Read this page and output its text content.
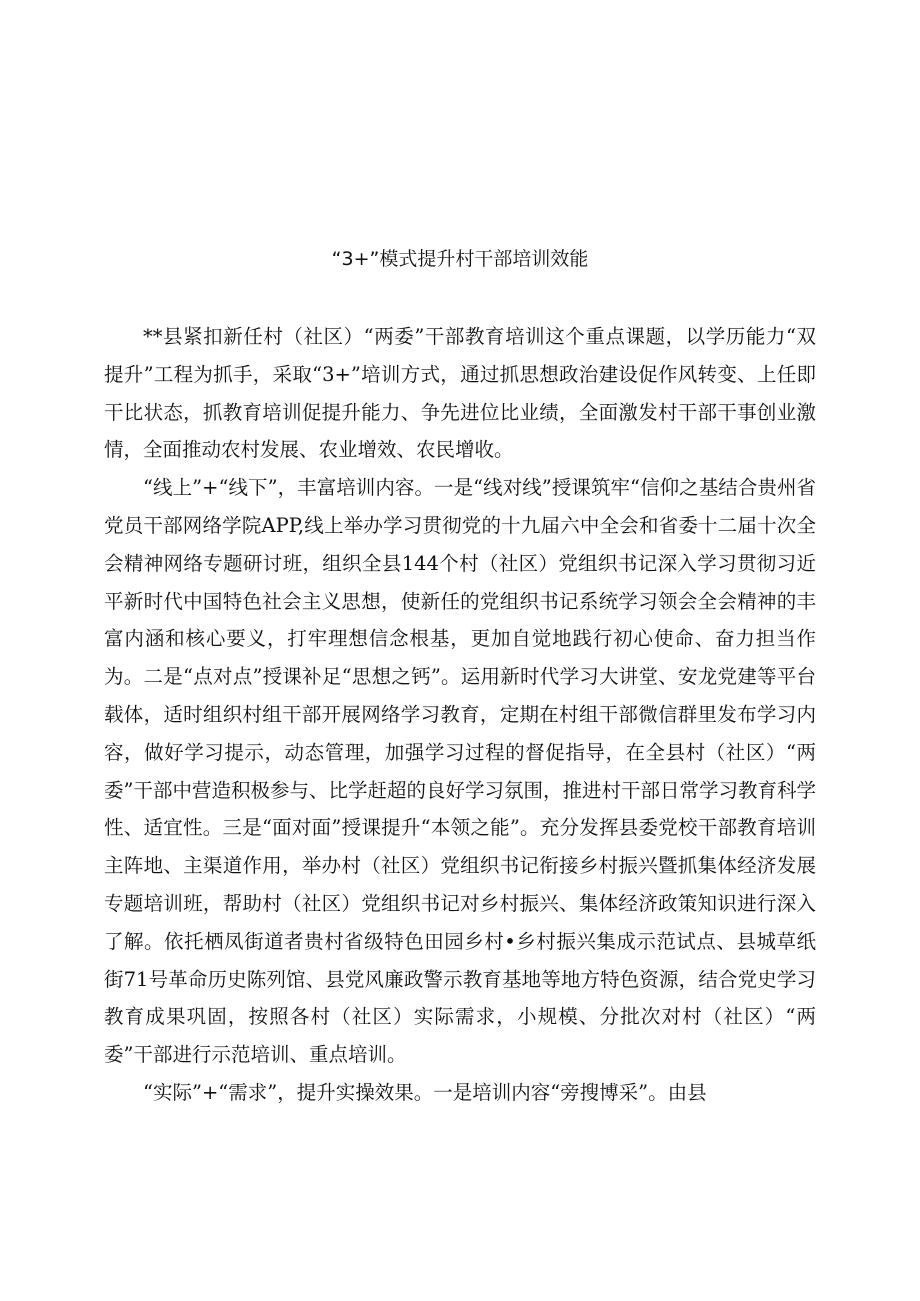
“3+”模式提升村干部培训效能

**县紧扣新任村（社区）“两委”干部教育培训这个重点课题，以学历能力“双提升”工程为抓手，采取“3+”培训方式，通过抓思想政治建设促作风转变、上任即干比状态，抓教育培训促提升能力、争先进位比业绩，全面激发村干部干事创业激情，全面推动农村发展、农业增效、农民增收。

“线上”+“线下”，丰富培训内容。一是“线对线”授课筑牢“信仰之基结合贵州省党员干部网络学院APP,线上举办学习贯彻党的十九届六中全会和省委十二届十次全会精神网络专题研讨班，组织全县144个村（社区）党组织书记深入学习贯彻习近平新时代中国特色社会主义思想，使新任的党组织书记系统学习领会全会精神的丰富内涵和核心要义，打牢理想信念根基，更加自觉地践行初心使命、奋力担当作为。二是“点对点”授课补足“思想之钙”。运用新时代学习大讲堂、安龙党建等平台载体，适时组织村组干部开展网络学习教育，定期在村组干部微信群里发布学习内容，做好学习提示，动态管理，加强学习过程的督促指导，在全县村（社区）“两委”干部中营造积极参与、比学赶超的良好学习氛围，推进村干部日常学习教育科学性、适宜性。三是“面对面”授课提升“本领之能”。充分发挥县委党校干部教育培训主阵地、主渠道作用，举办村（社区）党组织书记衔接乡村振兴暨抓集体经济发展专题培训班，帮助村（社区）党组织书记对乡村振兴、集体经济政策知识进行深入了解。依托栖凤街道者贵村省级特色田园乡村•乡村振兴集成示范试点、县城草纸街71号革命历史陈列馆、县党风廉政警示教育基地等地方特色资源，结合党史学习教育成果巩固，按照各村（社区）实际需求，小规模、分批次对村（社区）“两委”干部进行示范培训、重点培训。

“实际”+“需求”，提升实操效果。一是培训内容“旁搜博采”。由县
